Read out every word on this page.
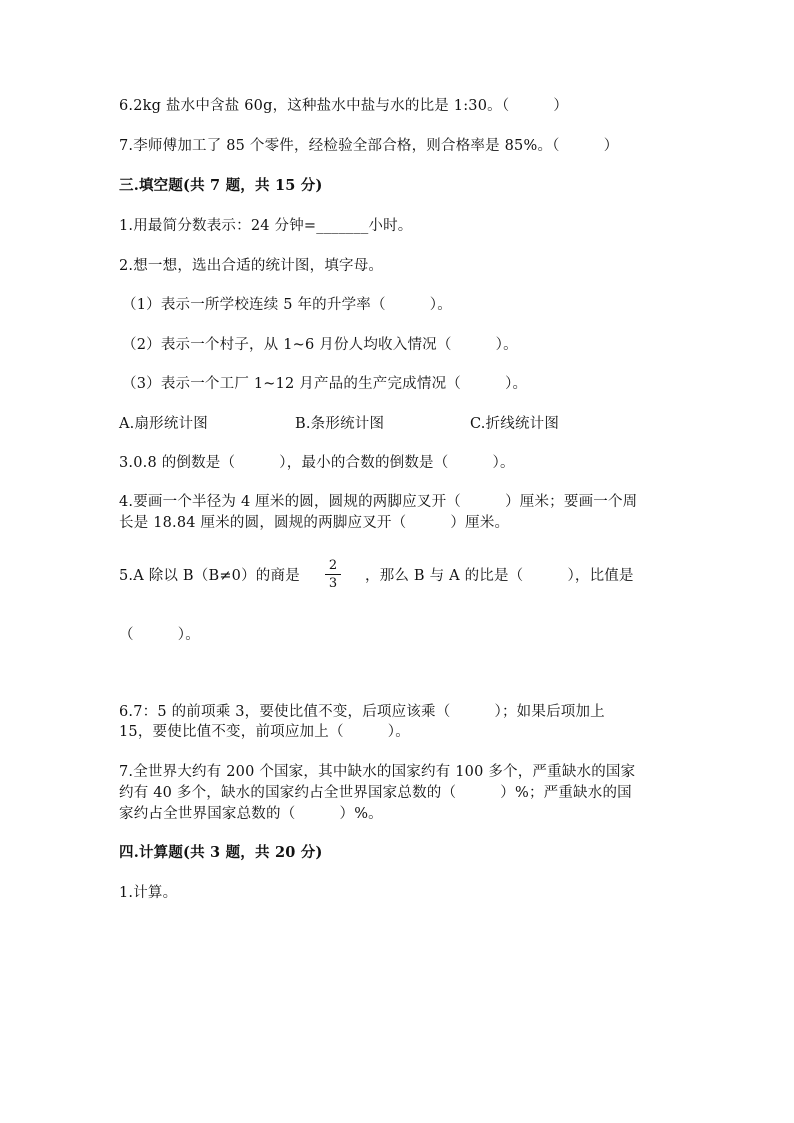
6.2kg 盐水中含盐 60g，这种盐水中盐与水的比是 1:30。（　　　）
7.李师傅加工了 85 个零件，经检验全部合格，则合格率是 85%。（　　　）
三.填空题(共 7 题，共 15 分)
1.用最简分数表示：24 分钟=_______小时。
2.想一想，选出合适的统计图，填字母。
（1）表示一所学校连续 5 年的升学率（　　　）。
（2）表示一个村子，从 1~6 月份人均收入情况（　　　）。
（3）表示一个工厂 1~12 月产品的生产完成情况（　　　）。
A.扇形统计图	B.条形统计图	C.折线统计图
3.0.8 的倒数是（　　　），最小的合数的倒数是（　　　）。
4.要画一个半径为 4 厘米的圆，圆规的两脚应叉开（　　　）厘米；要画一个周
长是 18.84 厘米的圆，圆规的两脚应叉开（　　　）厘米。
5.A 除以 B（B≠0）的商是
2
3	，那么 B 与 A 的比是（　　　），比值是
（　　　）。
6.7：5 的前项乘 3，要使比值不变，后项应该乘（　　　）；如果后项加上
15，要使比值不变，前项应加上（　　　）。
7.全世界大约有 200 个国家，其中缺水的国家约有 100 多个，严重缺水的国家
约有 40 多个，缺水的国家约占全世界国家总数的（　　　）%；严重缺水的国
家约占全世界国家总数的（　　　）%。
四.计算题(共 3 题，共 20 分)
1.计算。
